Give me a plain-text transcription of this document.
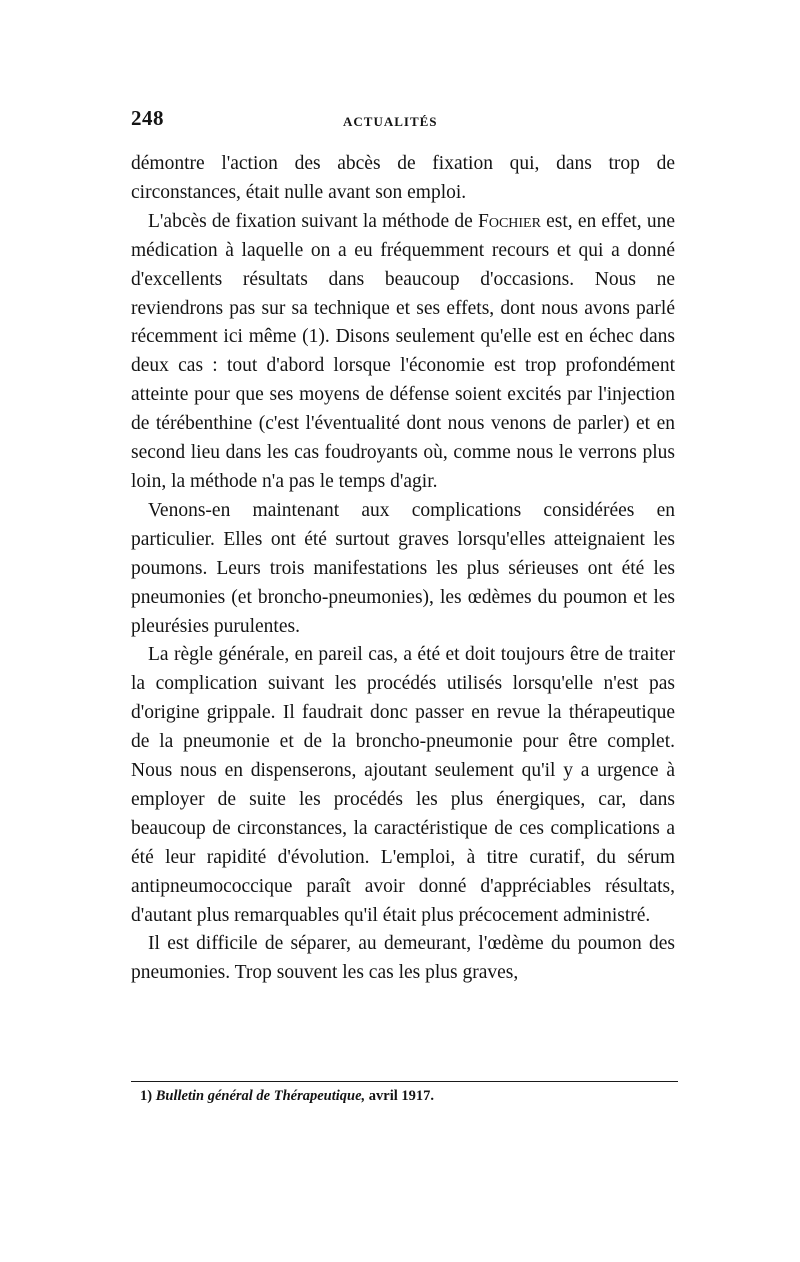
248	ACTUALITÉS

démontre l'action des abcès de fixation qui, dans trop de circonstances, était nulle avant son emploi.

L'abcès de fixation suivant la méthode de Fochier est, en effet, une médication à laquelle on a eu fréquemment recours et qui a donné d'excellents résultats dans beaucoup d'occasions. Nous ne reviendrons pas sur sa technique et ses effets, dont nous avons parlé récemment ici même (1). Disons seulement qu'elle est en échec dans deux cas : tout d'abord lorsque l'économie est trop profondément atteinte pour que ses moyens de défense soient excités par l'injection de térébenthine (c'est l'éventualité dont nous venons de parler) et en second lieu dans les cas foudroyants où, comme nous le verrons plus loin, la méthode n'a pas le temps d'agir.

Venons-en maintenant aux complications considérées en particulier. Elles ont été surtout graves lorsqu'elles atteignaient les poumons. Leurs trois manifestations les plus sérieuses ont été les pneumonies (et broncho-pneumonies), les œdèmes du poumon et les pleurésies purulentes.

La règle générale, en pareil cas, a été et doit toujours être de traiter la complication suivant les procédés utilisés lorsqu'elle n'est pas d'origine grippale. Il faudrait donc passer en revue la thérapeutique de la pneumonie et de la broncho-pneumonie pour être complet. Nous nous en dispenserons, ajoutant seulement qu'il y a urgence à employer de suite les procédés les plus énergiques, car, dans beaucoup de circonstances, la caractéristique de ces complications a été leur rapidité d'évolution. L'emploi, à titre curatif, du sérum antipneumococcique paraît avoir donné d'appréciables résultats, d'autant plus remarquables qu'il était plus précocement administré.

Il est difficile de séparer, au demeurant, l'œdème du poumon des pneumonies. Trop souvent les cas les plus graves,

1) Bulletin général de Thérapeutique, avril 1917.
